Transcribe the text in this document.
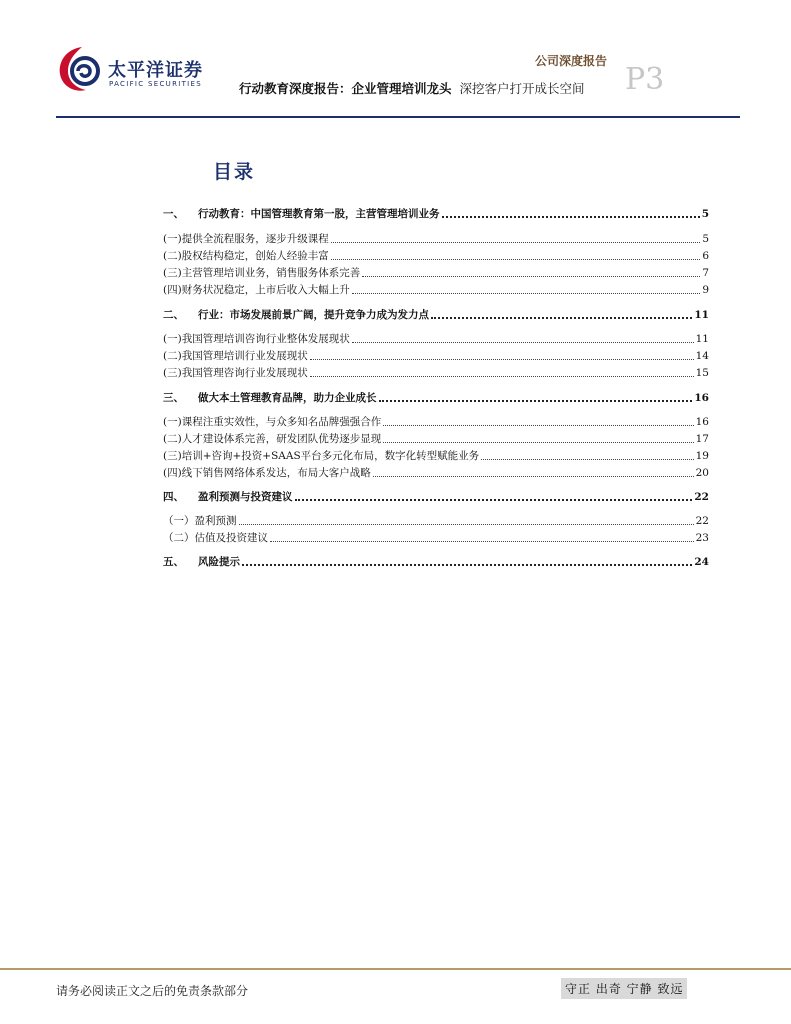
太平洋证券
PACIFIC SECURITIES
公司深度报告
P3
行动教育深度报告：企业管理培训龙头 深挖客户打开成长空间
目录
一、	行动教育：中国管理教育第一股，主营管理培训业务	5
(一) 提供全流程服务，逐步升级课程	5
(二) 股权结构稳定，创始人经验丰富	6
(三) 主营管理培训业务，销售服务体系完善	7
(四) 财务状况稳定，上市后收入大幅上升	9
二、	行业：市场发展前景广阔，提升竞争力成为发力点	11
(一) 我国管理培训咨询行业整体发展现状	11
(二) 我国管理培训行业发展现状	14
(三) 我国管理咨询行业发展现状	15
三、	做大本土管理教育品牌，助力企业成长	16
(一) 课程注重实效性，与众多知名品牌强强合作	16
(二) 人才建设体系完善，研发团队优势逐步显现	17
(三) 培训+咨询+投资+SAAS平台多元化布局，数字化转型赋能业务	19
(四) 线下销售网络体系发达，布局大客户战略	20
四、	盈利预测与投资建议	22
（一） 盈利预测	22
（二） 估值及投资建议	23
五、	风险提示	24
请务必阅读正文之后的免责条款部分	守正 出奇 宁静 致远
